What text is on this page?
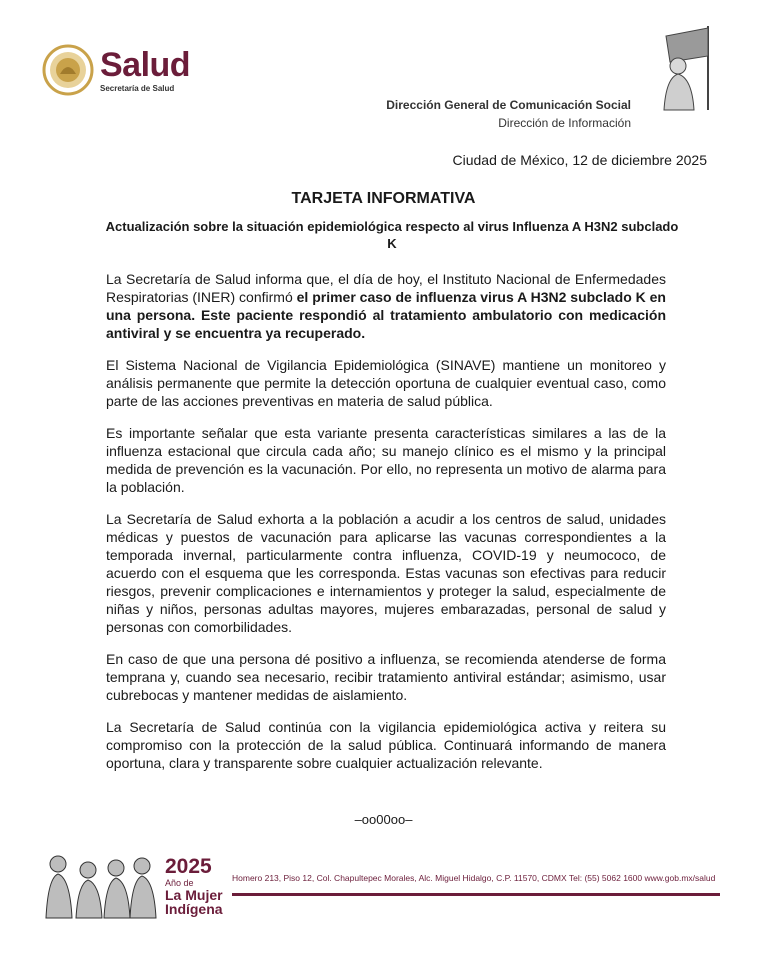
Salud
Secretaría de Salud
Dirección General de Comunicación Social
Dirección de Información
Ciudad de México, 12 de diciembre 2025
TARJETA INFORMATIVA
Actualización sobre la situación epidemiológica respecto al virus Influenza A H3N2 subclado K

La Secretaría de Salud informa que, el día de hoy, el Instituto Nacional de Enfermedades Respiratorias (INER) confirmó el primer caso de influenza virus A H3N2 subclado K en una persona. Este paciente respondió al tratamiento ambulatorio con medicación antiviral y se encuentra ya recuperado.

El Sistema Nacional de Vigilancia Epidemiológica (SINAVE) mantiene un monitoreo y análisis permanente que permite la detección oportuna de cualquier eventual caso, como parte de las acciones preventivas en materia de salud pública.

Es importante señalar que esta variante presenta características similares a las de la influenza estacional que circula cada año; su manejo clínico es el mismo y la principal medida de prevención es la vacunación. Por ello, no representa un motivo de alarma para la población.

La Secretaría de Salud exhorta a la población a acudir a los centros de salud, unidades médicas y puestos de vacunación para aplicarse las vacunas correspondientes a la temporada invernal, particularmente contra influenza, COVID-19 y neumococo, de acuerdo con el esquema que les corresponda. Estas vacunas son efectivas para reducir riesgos, prevenir complicaciones e internamientos y proteger la salud, especialmente de niñas y niños, personas adultas mayores, mujeres embarazadas, personal de salud y personas con comorbilidades.

En caso de que una persona dé positivo a influenza, se recomienda atenderse de forma temprana y, cuando sea necesario, recibir tratamiento antiviral estándar; asimismo, usar cubrebocas y mantener medidas de aislamiento.

La Secretaría de Salud continúa con la vigilancia epidemiológica activa y reitera su compromiso con la protección de la salud pública. Continuará informando de manera oportuna, clara y transparente sobre cualquier actualización relevante.

–oo00oo–
2025
Año de
La Mujer
Indígena
Homero 213, Piso 12, Col. Chapultepec Morales, Alc. Miguel Hidalgo, C.P. 11570, CDMX Tel: (55) 5062 1600 www.gob.mx/salud
